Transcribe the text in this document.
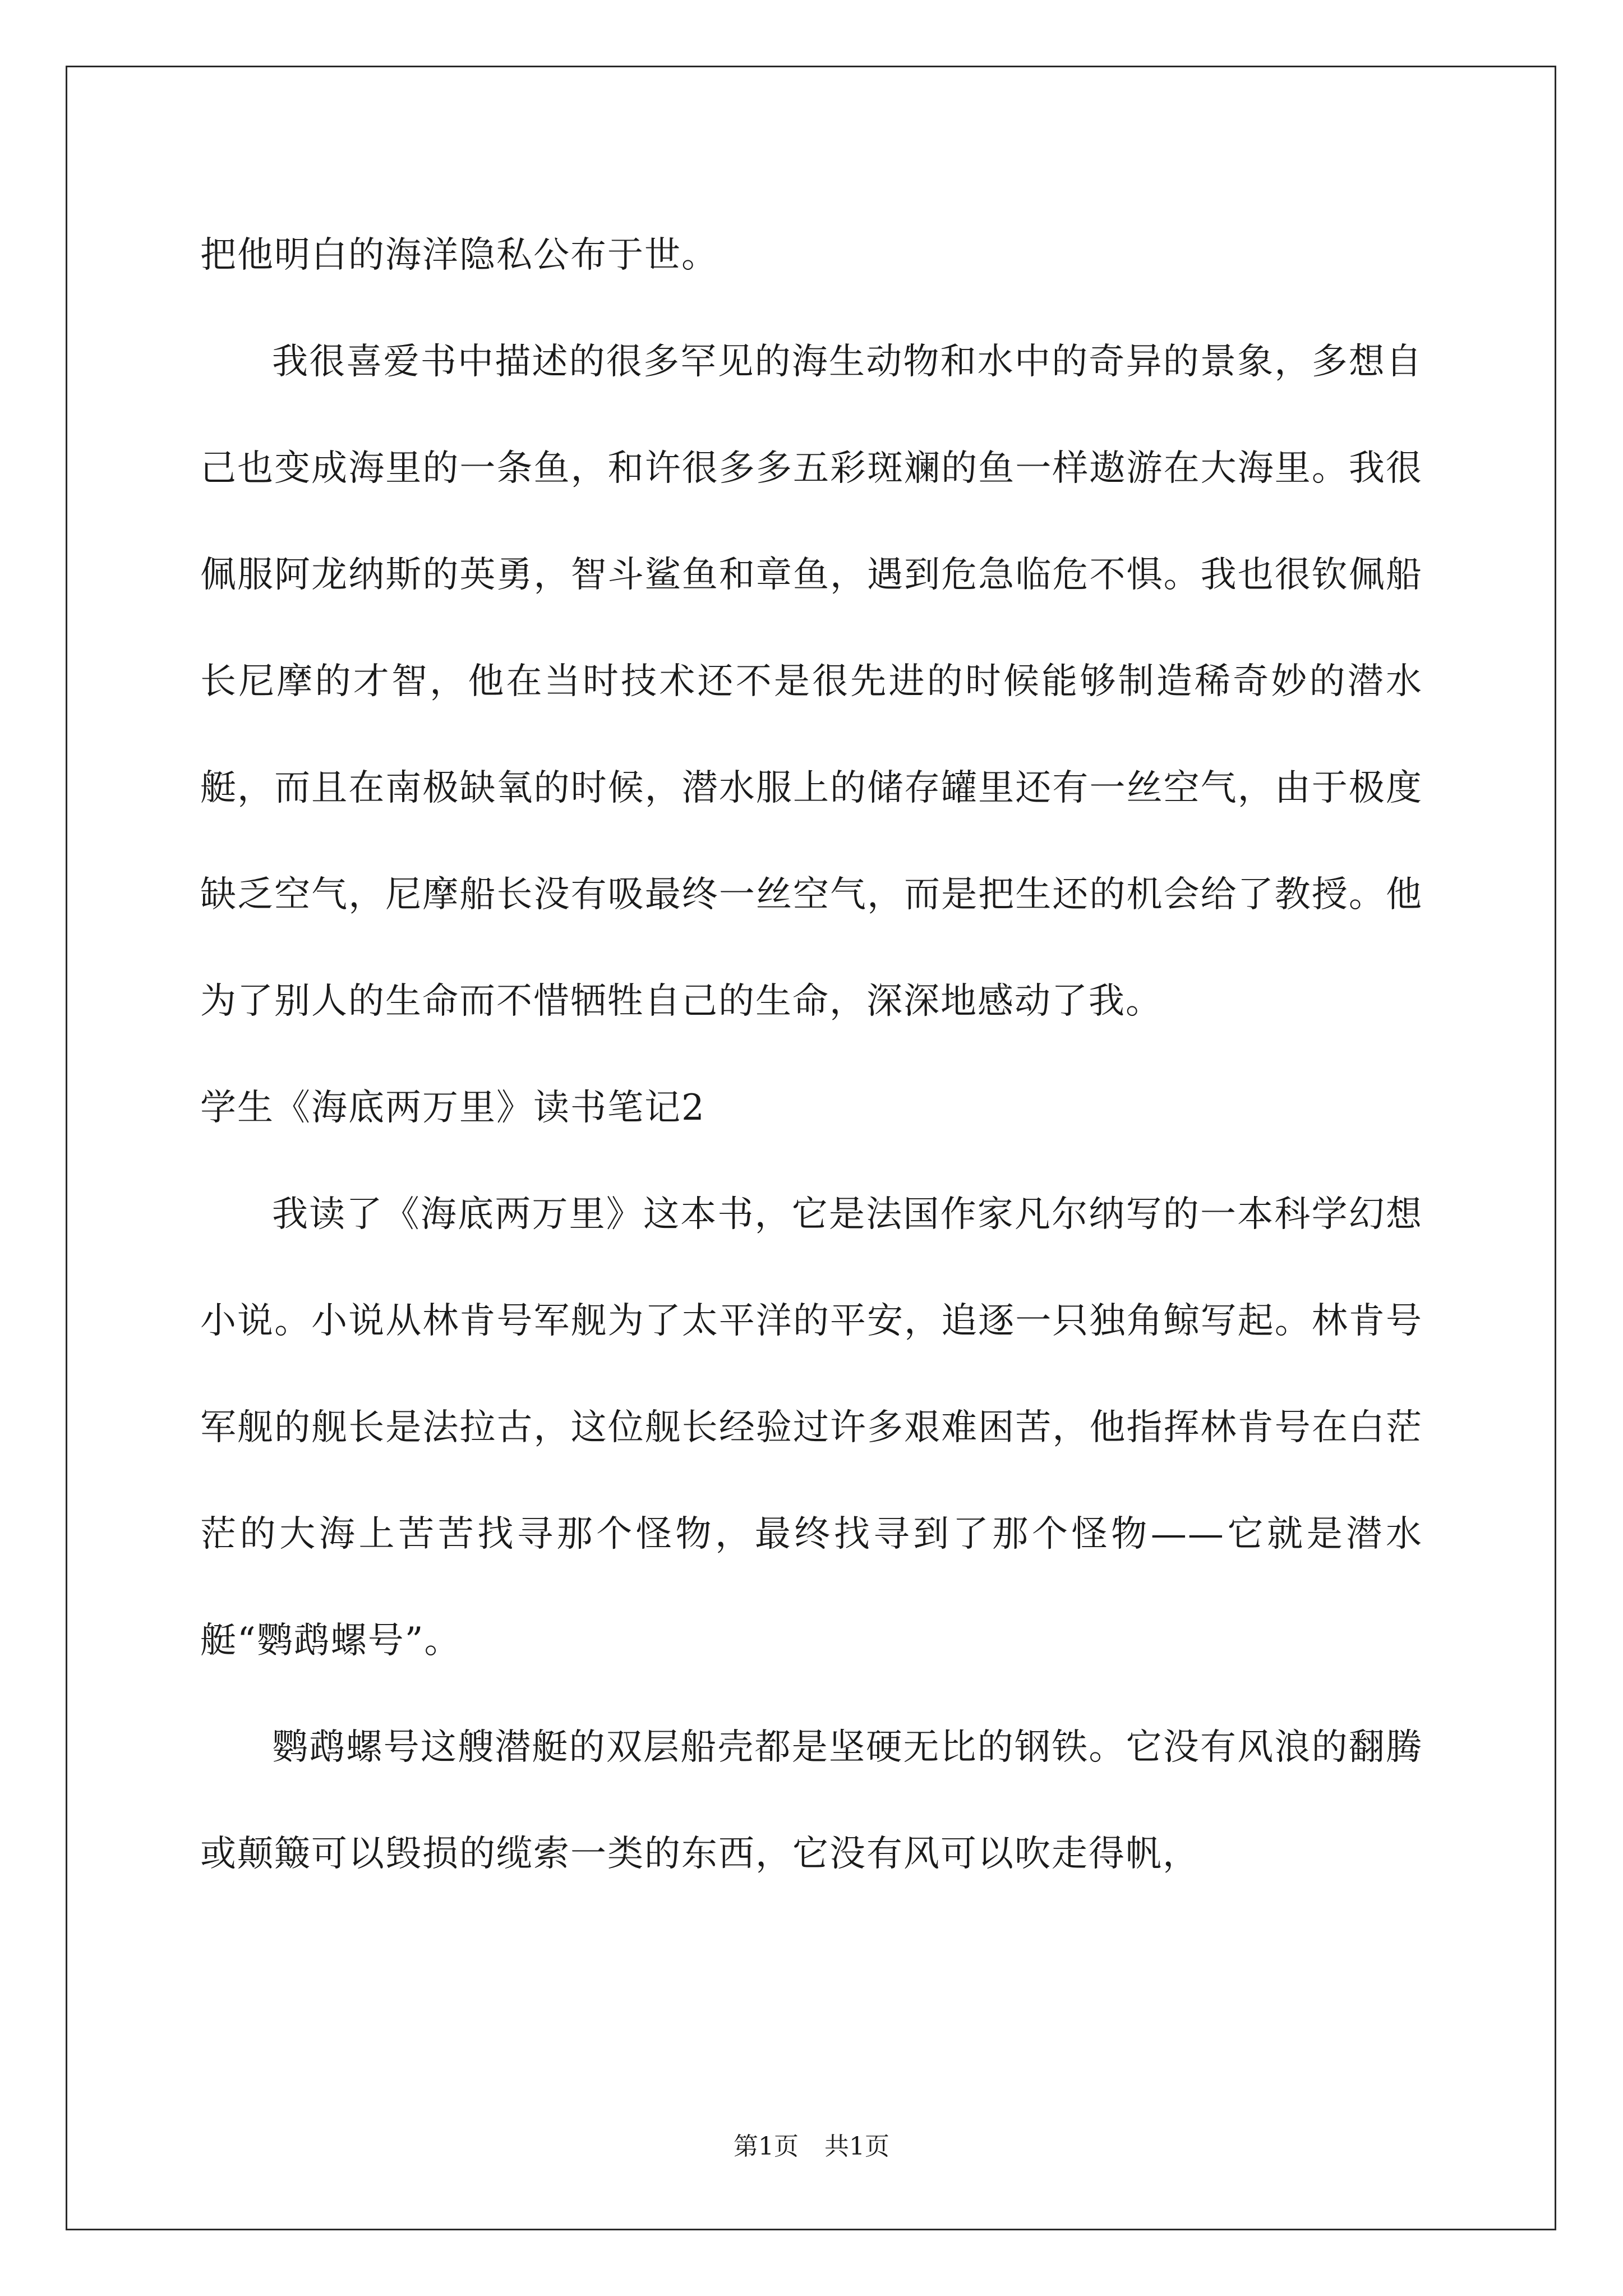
把他明白的海洋隐私公布于世。

我很喜爱书中描述的很多罕见的海生动物和水中的奇异的景象，多想自己也变成海里的一条鱼，和许很多多五彩斑斓的鱼一样遨游在大海里。我很佩服阿龙纳斯的英勇，智斗鲨鱼和章鱼，遇到危急临危不惧。我也很钦佩船长尼摩的才智，他在当时技术还不是很先进的时候能够制造稀奇妙的潜水艇，而且在南极缺氧的时候，潜水服上的储存罐里还有一丝空气，由于极度缺乏空气，尼摩船长没有吸最终一丝空气，而是把生还的机会给了教授。他为了别人的生命而不惜牺牲自己的生命，深深地感动了我。

学生《海底两万里》读书笔记2

我读了《海底两万里》这本书，它是法国作家凡尔纳写的一本科学幻想小说。小说从林肯号军舰为了太平洋的平安，追逐一只独角鲸写起。林肯号军舰的舰长是法拉古，这位舰长经验过许多艰难困苦，他指挥林肯号在白茫茫的大海上苦苦找寻那个怪物，最终找寻到了那个怪物——它就是潜水艇“鹦鹉螺号”。

鹦鹉螺号这艘潜艇的双层船壳都是坚硬无比的钢铁。它没有风浪的翻腾或颠簸可以毁损的缆索一类的东西，它没有风可以吹走得帆，

第1页 共1页
